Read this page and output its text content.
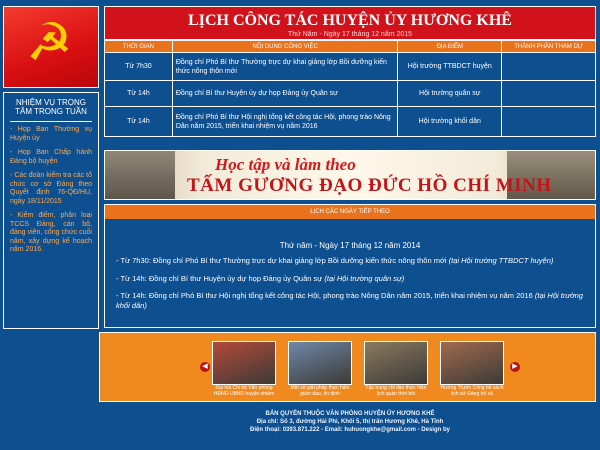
☭
NHIỆM VỤ TRỌNG TÂM TRONG TUẦN
- Họp Ban Thường vụ Huyện ủy
- Họp Ban Chấp hành Đảng bộ huyện
- Các đoàn kiểm tra các tổ chức cơ sở Đảng theo Quyết định 76-QĐ/HU, ngày 18/11/2015
- Kiểm điểm, phân loại TCCS Đảng, cán bộ, đảng viên, công chức cuối năm, xây dựng kế hoạch năm 2016.
LỊCH CÔNG TÁC HUYỆN ỦY HƯƠNG KHÊ
Thứ Năm - Ngày 17 tháng 12 năm 2015
THỜI GIAN	NỘI DUNG CÔNG VIỆC	ĐỊA ĐIỂM	THÀNH PHẦN THAM DỰ
Từ 7h30	Đồng chí Phó Bí thư Thường trực dự khai giảng lớp Bồi dưỡng kiến thức nông thôn mới	Hội trường TTBDCT huyện	
Từ 14h	Đồng chí Bí thư Huyện ủy dự họp Đảng ủy Quân sự	Hội trường quân sự	
Từ 14h	Đồng chí Phó Bí thư Hội nghị tổng kết công tác Hội, phong trào Nông Dân năm 2015, triển khai nhiệm vụ năm 2016	Hội trường khối dân	
Học tập và làm theo
TẤM GƯƠNG ĐẠO ĐỨC HỒ CHÍ MINH
LỊCH CÁC NGÀY TIẾP THEO
Thứ năm - Ngày 17 tháng 12 năm 2014
- Từ 7h30: Đồng chí Phó Bí thư Thường trực dự khai giảng lớp Bồi dưỡng kiến thức nông thôn mới (tại Hội trường TTBDCT huyện)
- Từ 14h: Đồng chí Bí thư Huyện ủy dự họp Đảng ủy Quân sự (tại Hội trường quân sự)
- Từ 14h: Đồng chí Phó Bí thư Hội nghị tổng kết công tác Hội, phong trào Nông Dân năm 2015, triển khai nhiệm vụ năm 2016 (tại Hội trường khối dân)
◀
Đại hội Chi bộ Văn phòng HĐND-UBND huyện nhiệm
Một số giải pháp thực hiện giảm đau, ổn định
Tập trung chỉ đạo thực hiện lịch quán thời bồi
Hướng Trước Công bố sách lịch sử Đảng bộ xã
▶
BẢN QUYỀN THUỘC VĂN PHÒNG HUYỆN ỦY HƯƠNG KHÊ
Địa chỉ: Số 3, đường Hải Phi, Khối 5, thị trấn Hương Khê, Hà Tĩnh
Điện thoại: 0393.871.222 - Email: huhuongkhe@gmail.com - Design by
